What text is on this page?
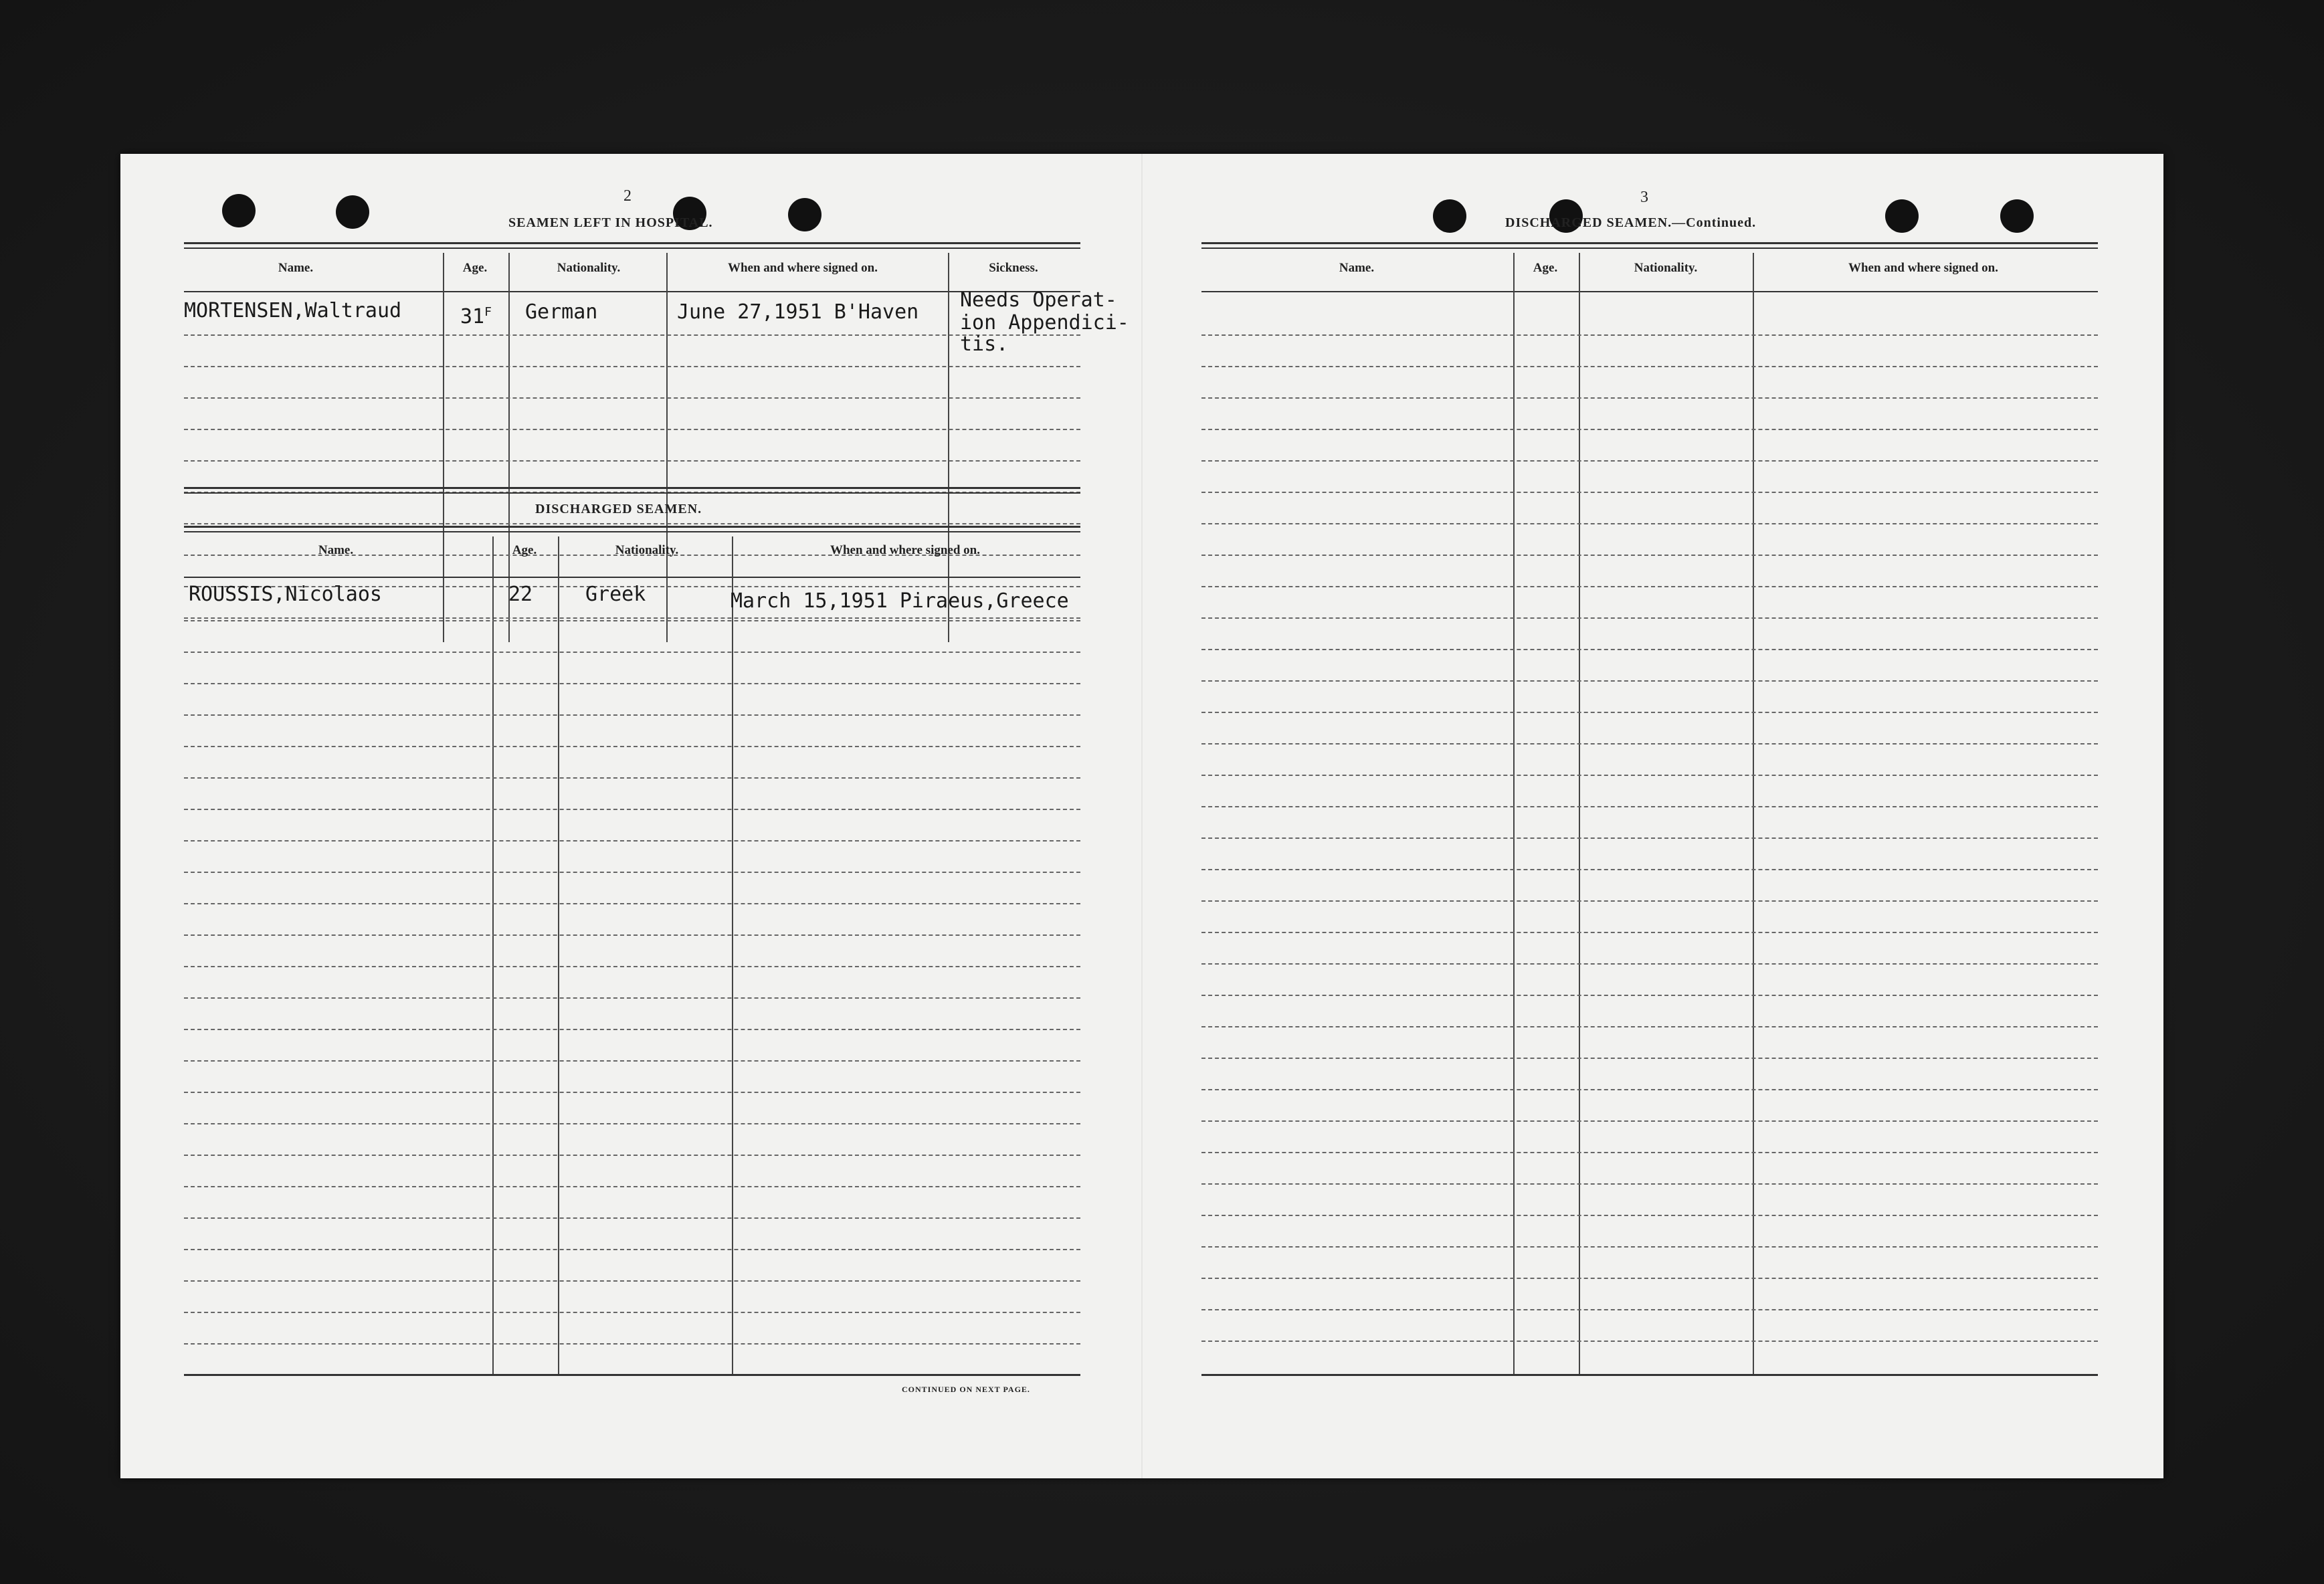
2
SEAMEN LEFT IN HOSPITAL.
Name.	Age.	Nationality.	When and where signed on.	Sickness.
MORTENSEN,Waltraud	$31^F$ German	June 27,1951 B'Haven
Needs Operat-
ion Appendici-
tis.
DISCHARGED SEAMEN.
Name.	Age.	Nationality.	When and where signed on.
ROUSSIS,Nicolaos	22	Greek	March 15,1951 Piraeus,Greece
CONTINUED ON NEXT PAGE.
3
DISCHARGED SEAMEN.—Continued.
Name.	Age.	Nationality.	When and where signed on.
